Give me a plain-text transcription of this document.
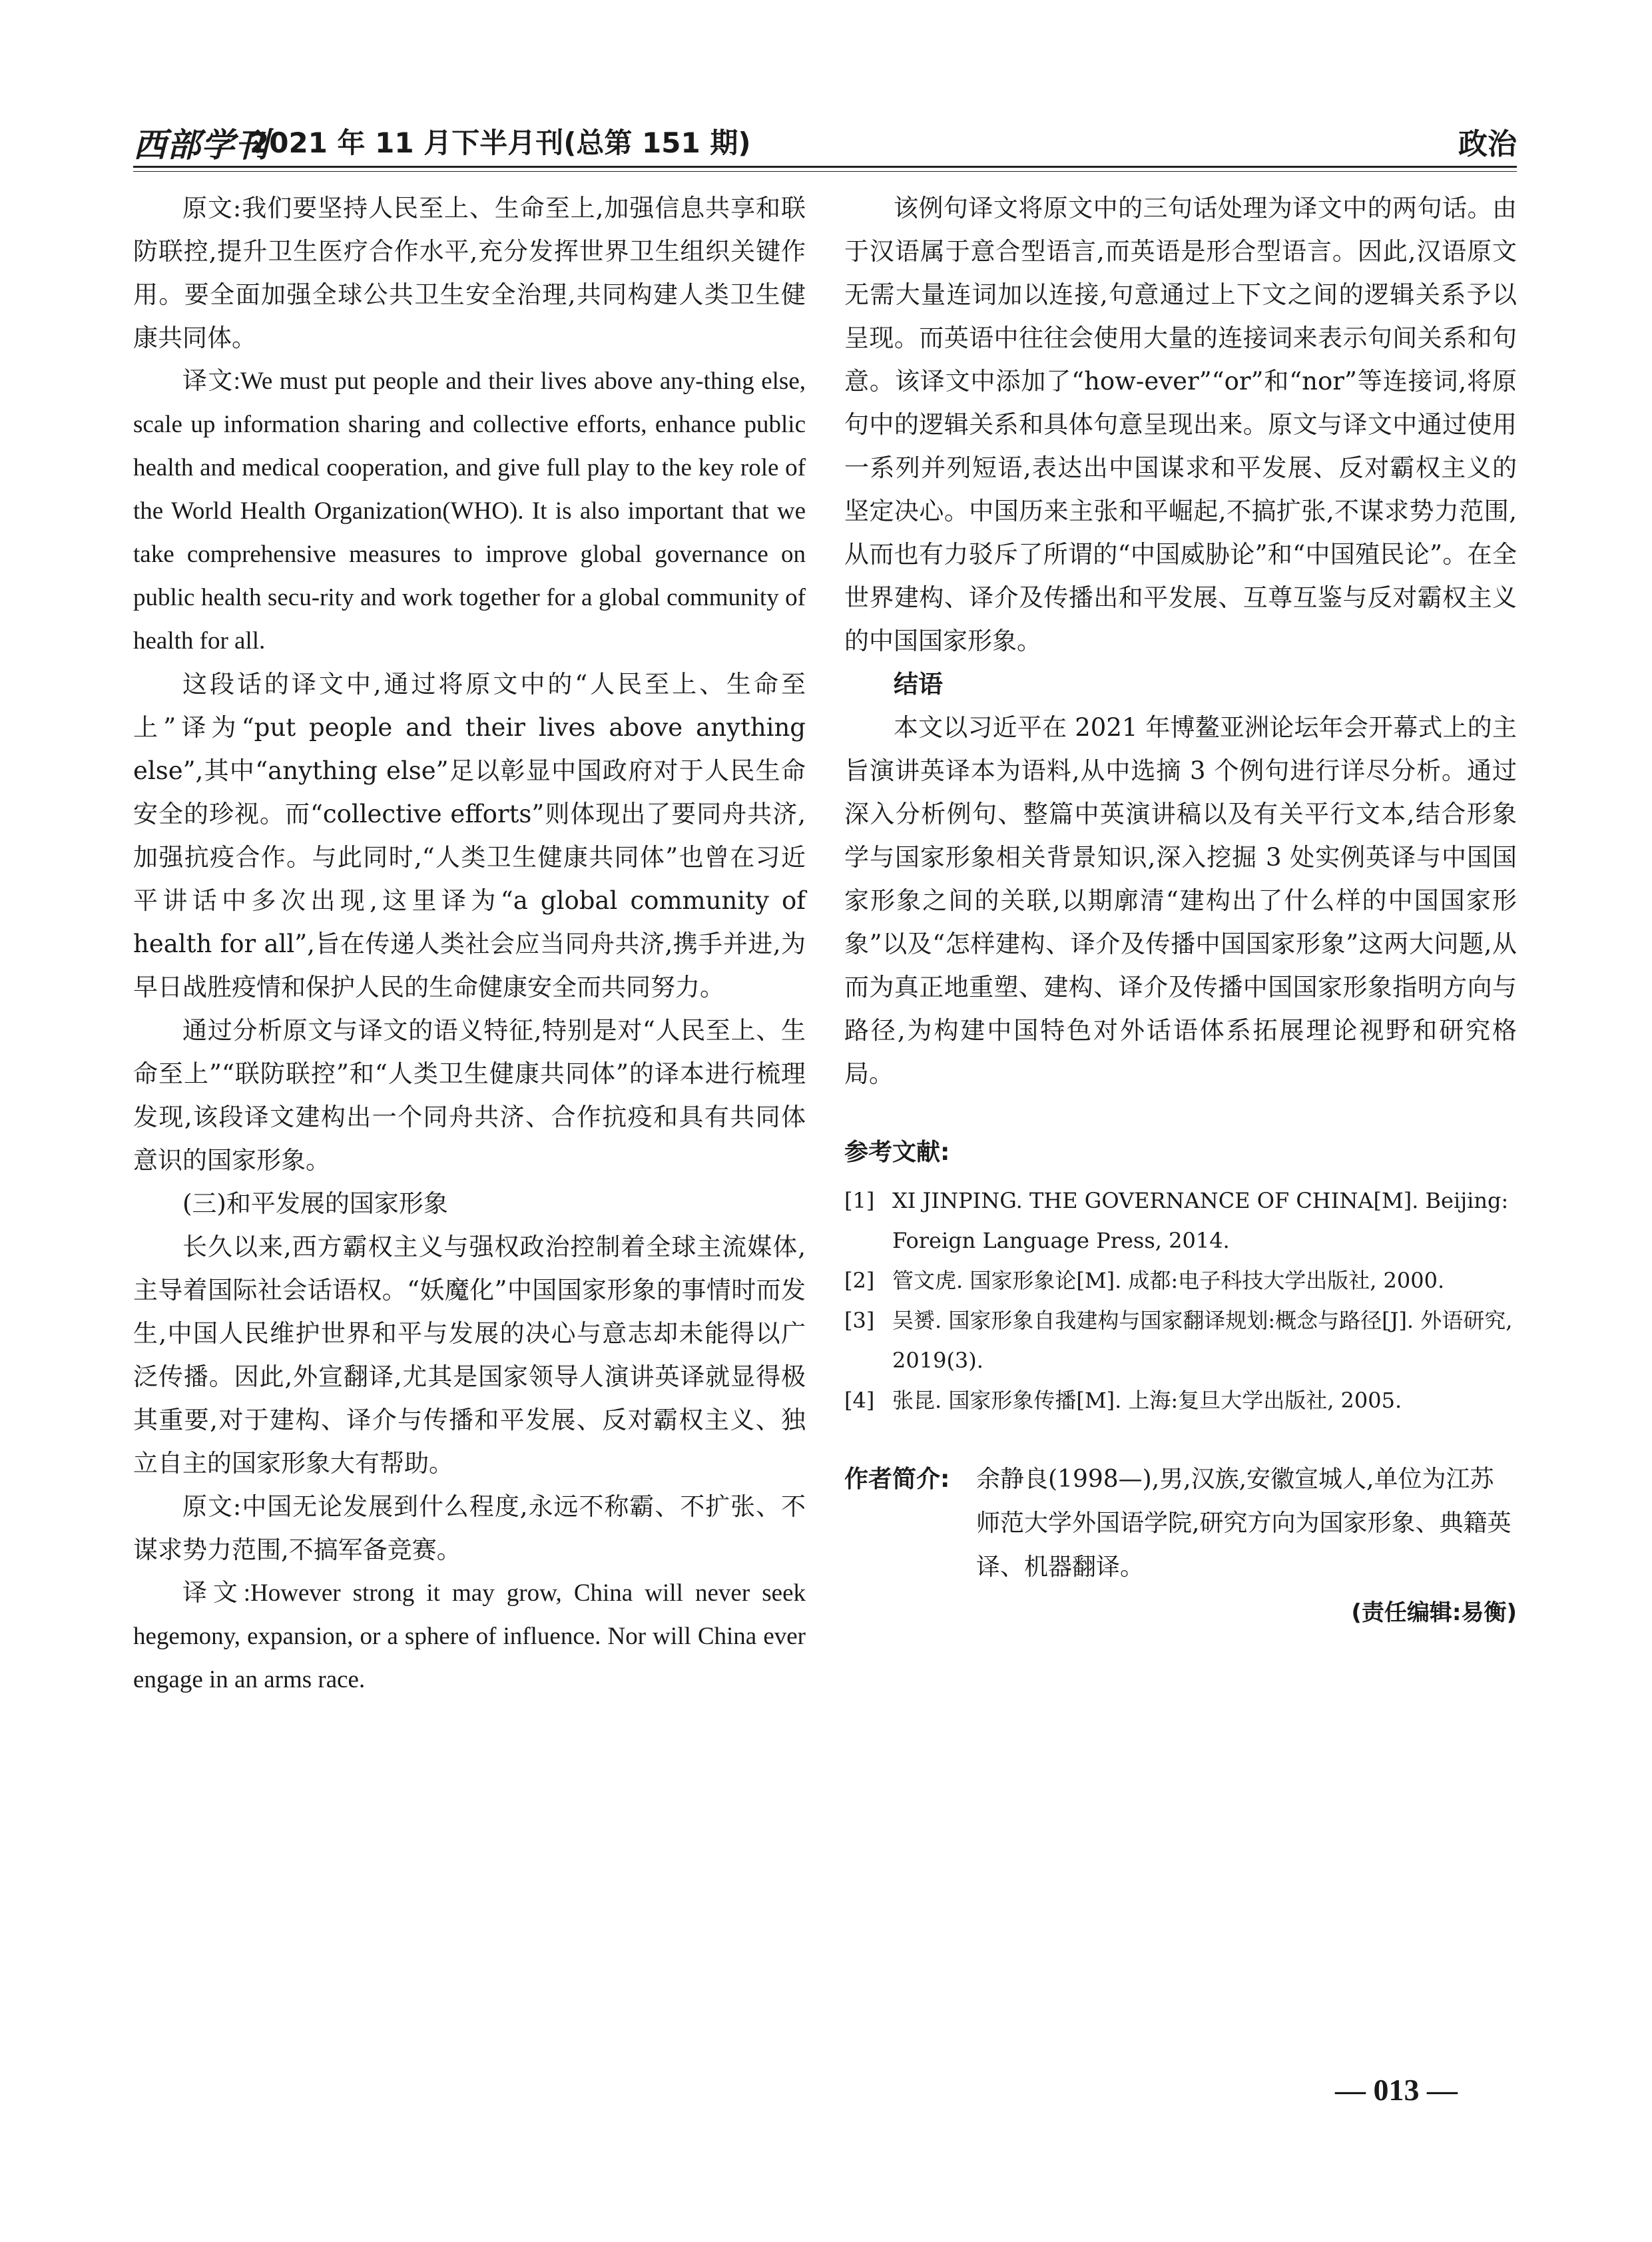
西部学刊
2021 年 11 月下半月刊(总第 151 期)	政治

原文:我们要坚持人民至上、生命至上,加强信息共享和联防联控,提升卫生医疗合作水平,充分发挥世界卫生组织关键作用。要全面加强全球公共卫生安全治理,共同构建人类卫生健康共同体。

译文:We must put people and their lives above any-thing else, scale up information sharing and collective efforts, enhance public health and medical cooperation, and give full play to the key role of the World Health Organization(WHO). It is also important that we take comprehensive measures to improve global governance on public health secu-rity and work together for a global community of health for all.

这段话的译文中,通过将原文中的“人民至上、生命至上”译为“put people and their lives above anything else”,其中“anything else”足以彰显中国政府对于人民生命安全的珍视。而“collective efforts”则体现出了要同舟共济,加强抗疫合作。与此同时,“人类卫生健康共同体”也曾在习近平讲话中多次出现,这里译为“a global community of health for all”,旨在传递人类社会应当同舟共济,携手并进,为早日战胜疫情和保护人民的生命健康安全而共同努力。

通过分析原文与译文的语义特征,特别是对“人民至上、生命至上”“联防联控”和“人类卫生健康共同体”的译本进行梳理发现,该段译文建构出一个同舟共济、合作抗疫和具有共同体意识的国家形象。

(三)和平发展的国家形象

长久以来,西方霸权主义与强权政治控制着全球主流媒体,主导着国际社会话语权。“妖魔化”中国国家形象的事情时而发生,中国人民维护世界和平与发展的决心与意志却未能得以广泛传播。因此,外宣翻译,尤其是国家领导人演讲英译就显得极其重要,对于建构、译介与传播和平发展、反对霸权主义、独立自主的国家形象大有帮助。

原文:中国无论发展到什么程度,永远不称霸、不扩张、不谋求势力范围,不搞军备竞赛。

译文:However strong it may grow, China will never seek hegemony, expansion, or a sphere of influence. Nor will China ever engage in an arms race.

该例句译文将原文中的三句话处理为译文中的两句话。由于汉语属于意合型语言,而英语是形合型语言。因此,汉语原文无需大量连词加以连接,句意通过上下文之间的逻辑关系予以呈现。而英语中往往会使用大量的连接词来表示句间关系和句意。该译文中添加了“how-ever”“or”和“nor”等连接词,将原句中的逻辑关系和具体句意呈现出来。原文与译文中通过使用一系列并列短语,表达出中国谋求和平发展、反对霸权主义的坚定决心。中国历来主张和平崛起,不搞扩张,不谋求势力范围,从而也有力驳斥了所谓的“中国威胁论”和“中国殖民论”。在全世界建构、译介及传播出和平发展、互尊互鉴与反对霸权主义的中国国家形象。

结语

本文以习近平在 2021 年博鳌亚洲论坛年会开幕式上的主旨演讲英译本为语料,从中选摘 3 个例句进行详尽分析。通过深入分析例句、整篇中英演讲稿以及有关平行文本,结合形象学与国家形象相关背景知识,深入挖掘 3 处实例英译与中国国家形象之间的关联,以期廓清“建构出了什么样的中国国家形象”以及“怎样建构、译介及传播中国国家形象”这两大问题,从而为真正地重塑、建构、译介及传播中国国家形象指明方向与路径,为构建中国特色对外话语体系拓展理论视野和研究格局。

参考文献:

[1] XI JINPING. THE GOVERNANCE OF CHINA[M]. Beijing: Foreign Language Press, 2014.

[2] 管文虎. 国家形象论[M]. 成都:电子科技大学出版社, 2000.

[3] 吴赟. 国家形象自我建构与国家翻译规划:概念与路径[J]. 外语研究, 2019(3).

[4] 张昆. 国家形象传播[M]. 上海:复旦大学出版社, 2005.

作者简介: 余静良(1998—),男,汉族,安徽宣城人,单位为江苏师范大学外国语学院,研究方向为国家形象、典籍英译、机器翻译。
(责任编辑:易衡)
— 013 —
